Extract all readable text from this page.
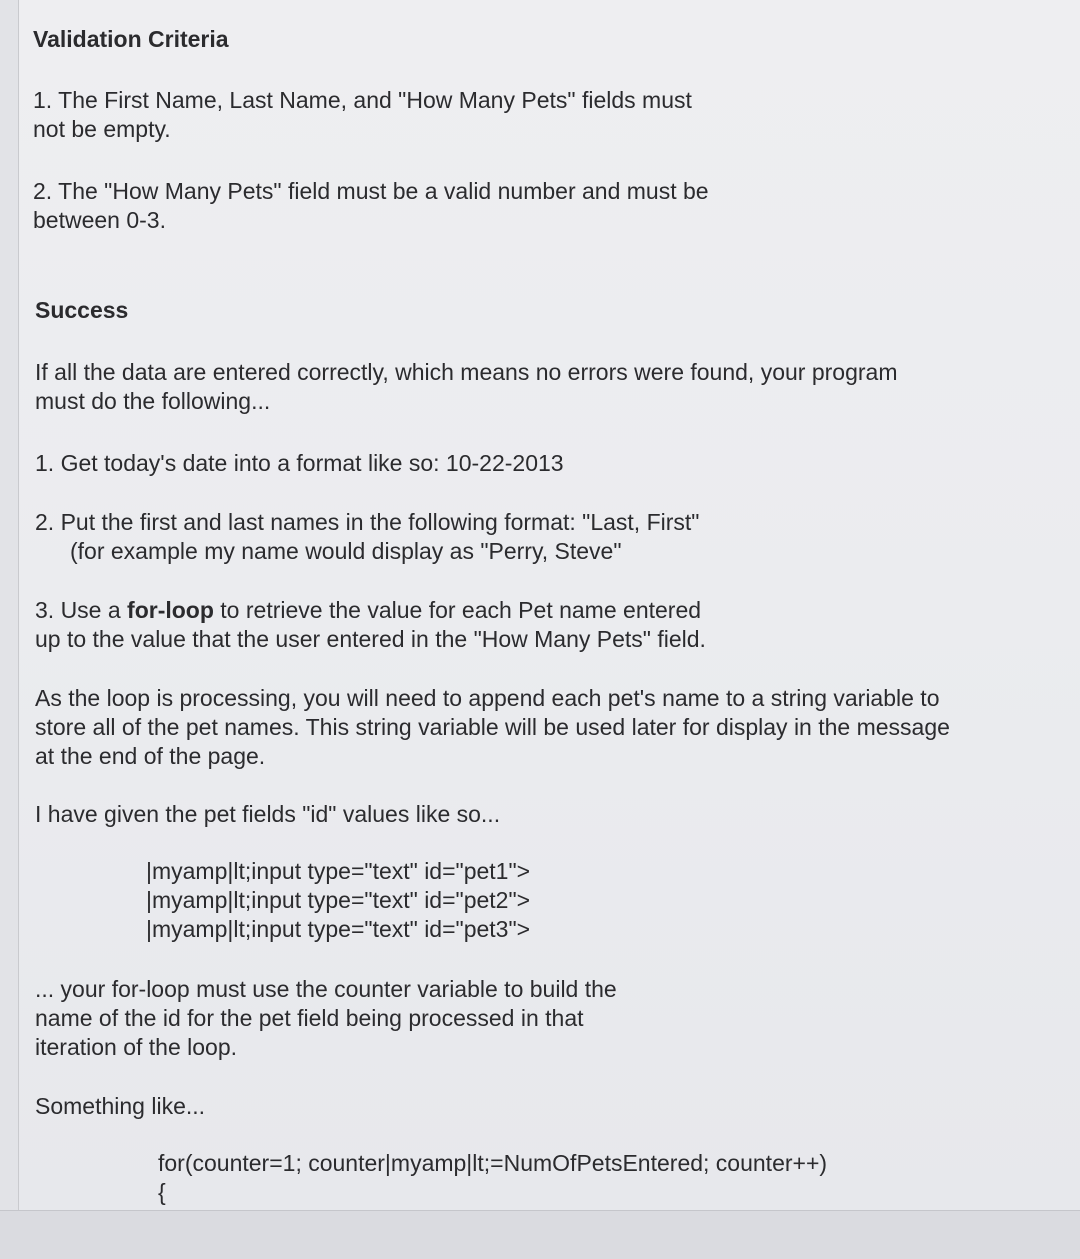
Validation Criteria

1. The First Name, Last Name, and "How Many Pets" fields must

not be empty.

2. The "How Many Pets" field must be a valid number and must be

between 0-3.

Success

If all the data are entered correctly, which means no errors were found, your program

must do the following...

1. Get today's date into a format like so: 10-22-2013

2. Put the first and last names in the following format: "Last, First"

(for example my name would display as "Perry, Steve"

3. Use a for-loop to retrieve the value for each Pet name entered

up to the value that the user entered in the "How Many Pets" field.

As the loop is processing, you will need to append each pet's name to a string variable to

store all of the pet names. This string variable will be used later for display in the message

at the end of the page.

I have given the pet fields "id" values like so...

|myamp|lt;input type="text" id="pet1">

|myamp|lt;input type="text" id="pet2">

|myamp|lt;input type="text" id="pet3">

... your for-loop must use the counter variable to build the

name of the id for the pet field being processed in that

iteration of the loop.

Something like...

for(counter=1; counter|myamp|lt;=NumOfPetsEntered; counter++)

{
